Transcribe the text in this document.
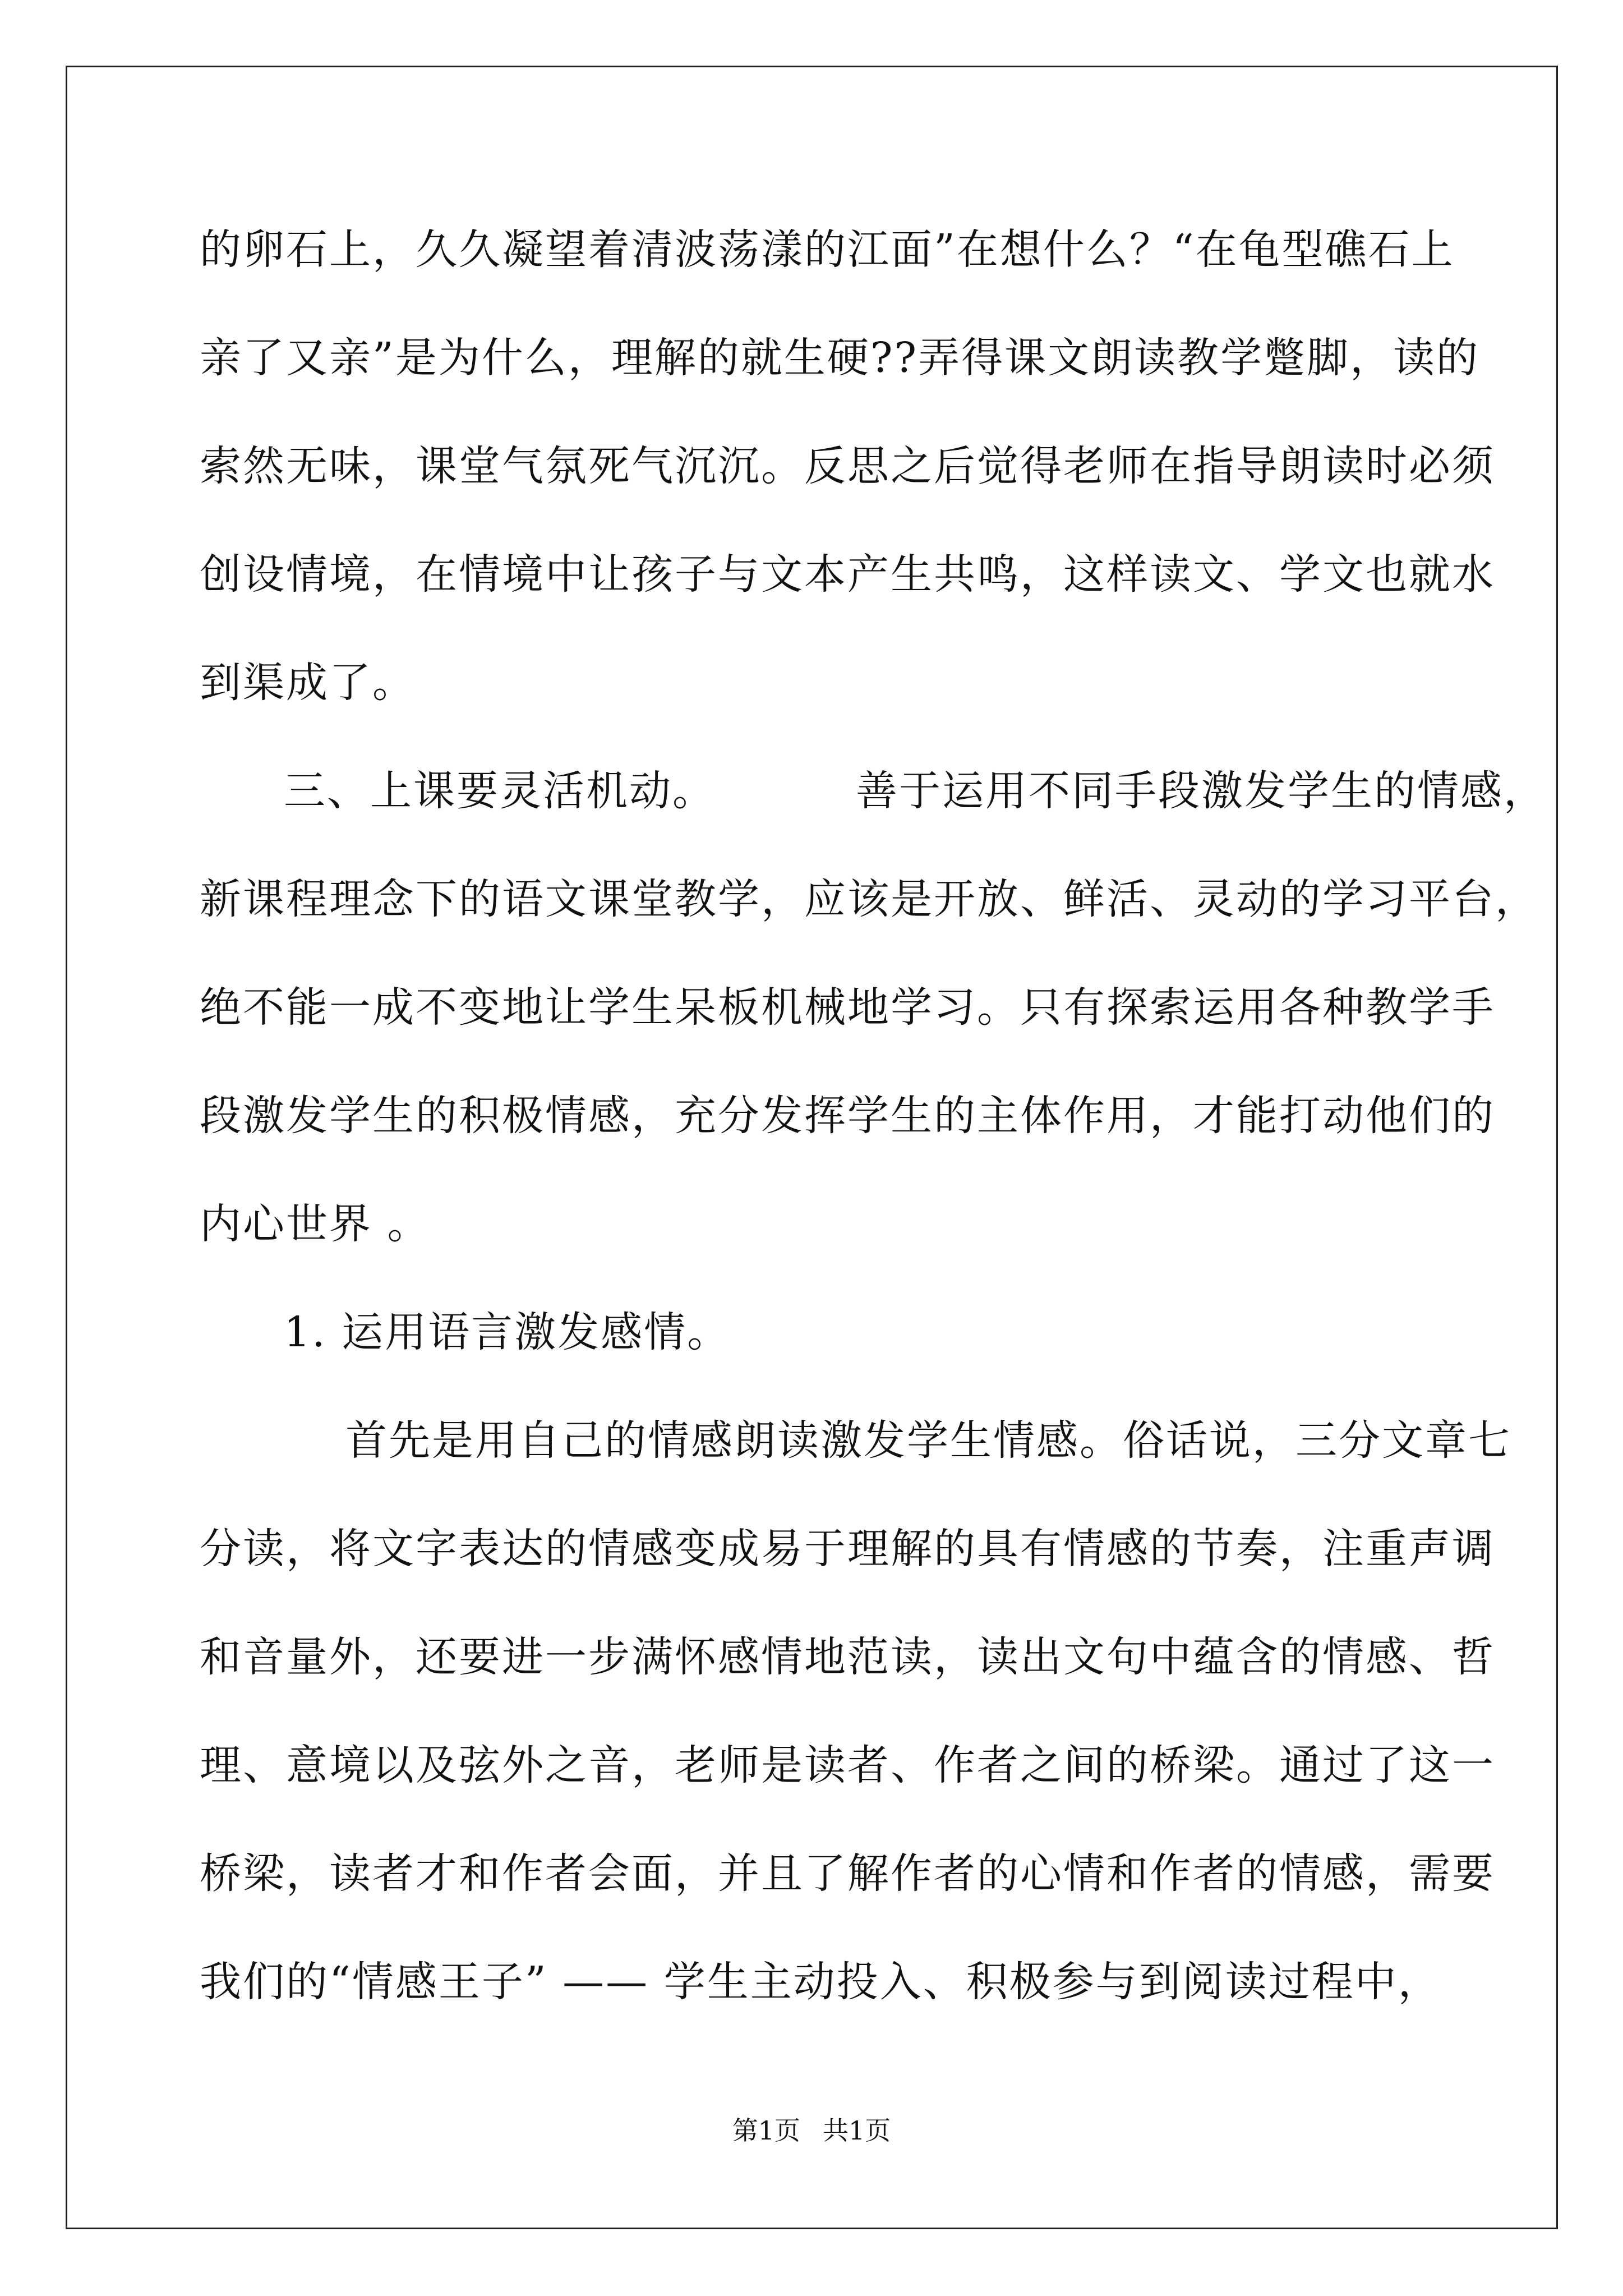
的卵石上，久久凝望着清波荡漾的江面”在想什么？“在龟型礁石上
亲了又亲”是为什么，理解的就生硬??弄得课文朗读教学蹩脚，读的
索然无味，课堂气氛死气沉沉。反思之后觉得老师在指导朗读时必须
创设情境，在情境中让孩子与文本产生共鸣，这样读文、学文也就水
到渠成了。
三、上课要灵活机动。	善于运用不同手段激发学生的情感，
新课程理念下的语文课堂教学，应该是开放、鲜活、灵动的学习平台，
绝不能一成不变地让学生呆板机械地学习。只有探索运用各种教学手
段激发学生的积极情感，充分发挥学生的主体作用，才能打动他们的
内心世界 。
1. 运用语言激发感情。
首先是用自己的情感朗读激发学生情感。俗话说，三分文章七
分读，将文字表达的情感变成易于理解的具有情感的节奏，注重声调
和音量外，还要进一步满怀感情地范读，读出文句中蕴含的情感、哲
理、意境以及弦外之音，老师是读者、作者之间的桥梁。通过了这一
桥梁，读者才和作者会面，并且了解作者的心情和作者的情感，需要
我们的“情感王子” —— 学生主动投入、积极参与到阅读过程中，
第1页 共1页
